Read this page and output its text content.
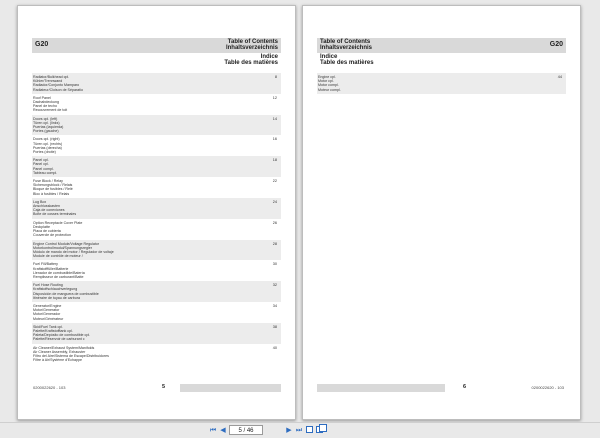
G20	Table of Contents
Inhaltsverzeichnis
Indice
Table des matières
Radiator/Bulkhead cpl.
Kühler/Trennwand
Radiador/Conjunto Mamparo
Radiateur/Cloison de Séparatio
8
Roof Panel
Dachabdeckung
Panel de techo
Recouvrement de toit
12
Doors cpl. (left)
Türen cpl. (links)
Puertas (izquierda)
Portes (gauche)
14
Doors cpl. (right)
Türen cpl. (rechts)
Puertas (derecha)
Portes (droite)
16
Panel cpl.
Panel cpl.
Panel compl.
Tableau compl.
18
Fuse Block / Relay
Sicherungsblock / Relais
Bloque de fusibles / Relé
Bloc à fusibles / Relais
22
Lug Box
Anschlusskasten
Caja de conexiones
Boîte de cosses terminales
24
Option Receptacle Cover Plate
Deckplatte
Placa de cubierta
Couvercle de protection
26
Engine Control Module/Voltage Regulator
Motorkontrollmodul/Spannungsregler
Módulo de mando del motor / Regulador de voltaje
Module de contrôle de moteur /
28
Fuel Fill/Battery
Kraftstofffüller/Batterie
Llenador de combustible/Batería
Remplisseur de carburant/Batte
30
Fuel Hose Routing
Kraftstoffschlauchverlegung
Disposición de manguera de combustible
Itinéraire de tuyau de carbura
32
Generator/Engine
Motor/Generator
Motor/Generador
Moteur/Générateur
34
Skid/Fuel Tank cpl.
Palette/Kraftstofftank cpl.
Paleta/Depósito de combustible cpl.
Palette/Réservoir de carburant c
38
Air Cleaner/Exhaust System/Manifolds
Air Cleaner Assembly, Exhauster
Filtro del Aire/Sistema de Escape/Distribuidores
Filtre à Air/Système d'Echappe
40
0200022620 - 103	5
Table of Contents
Inhaltsverzeichnis
G20
Indice
Table des matières
Engine cpl.
Motor cpl.
Motor compl.
Moteur compl.
44
6	0200022620 - 103
⏮ ◀	5 / 46	▶ ⏭
